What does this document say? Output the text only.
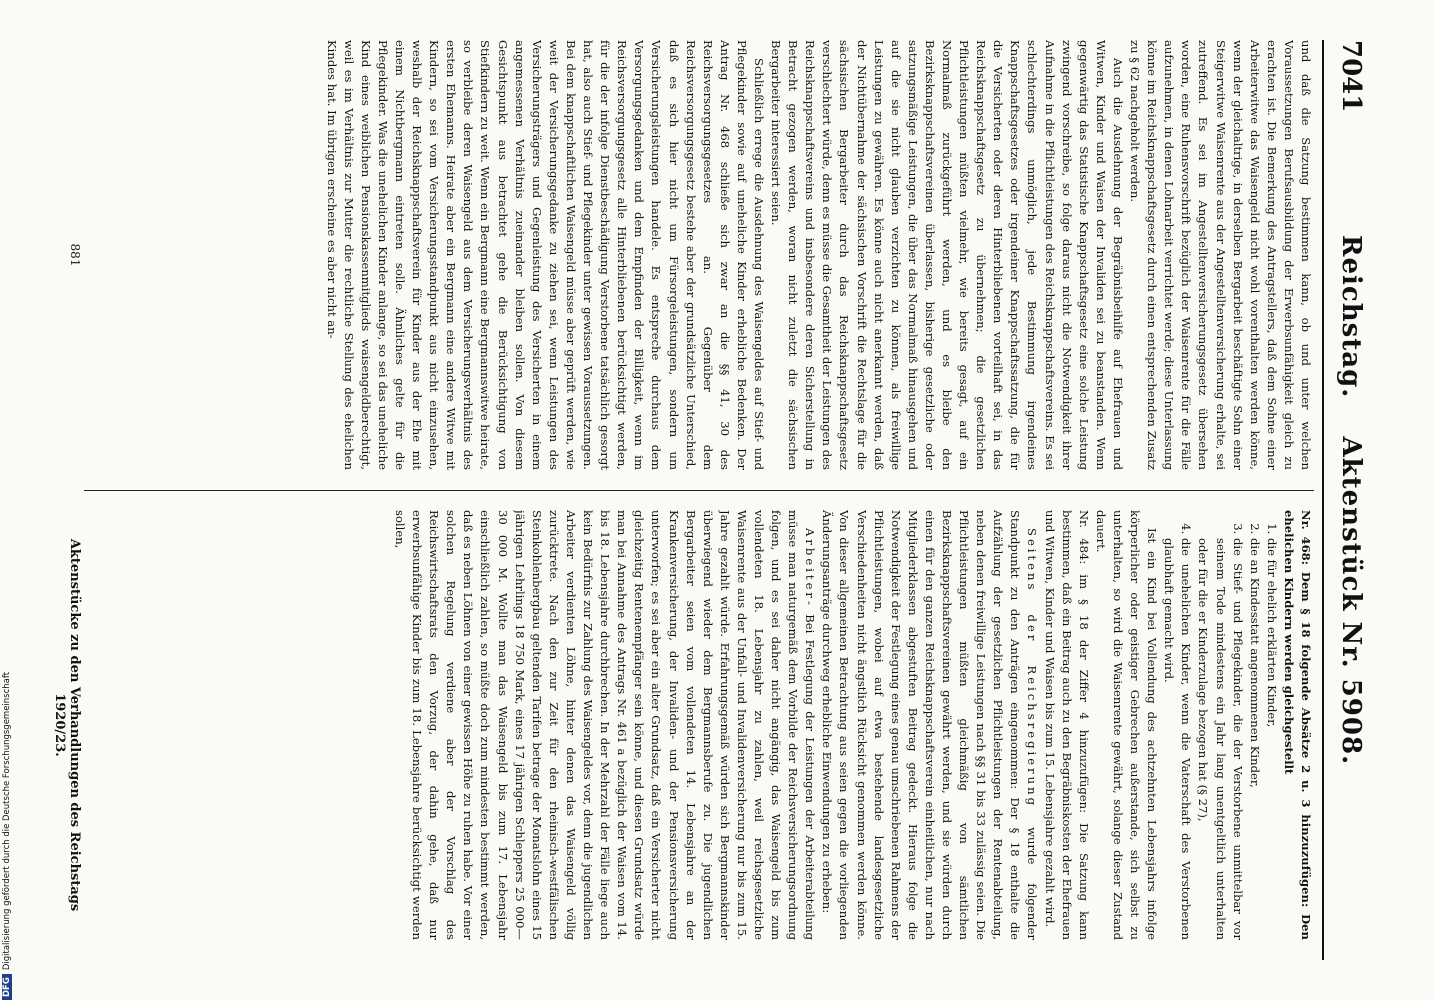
7041
Reichstag. Aktenstück Nr. 5908.

und daß die Satzung bestimmen kann, ob und unter welchen Voraussetzungen Berufsausbildung der Erwerbsunfähigkeit gleich zu erachten ist. Die Bemerkung des Antragstellers, daß dem Sohne einer Arbeiterwitwe das Waisengeld nicht wohl vorenthalten werden könne, wenn der gleichaltrige, in derselben Bergarbeit beschäftigte Sohn einer Steigerwitwe Waisenrente aus der Angestelltenversicherung erhalte, sei zutreffend. Es sei im Angestelltenversicherungsgesetz übersehen worden, eine Ruhensvorschrift bezüglich der Waisenrente für die Fälle aufzunehmen, in denen Lohnarbeit verrichtet werde; diese Unterlassung könne im Reichsknappschaftsgesetz durch einen entsprechenden Zusatz zu § 62 nachgeholt werden.

Auch die Ausdehnung der Begräbnisbeihilfe auf Ehefrauen und Witwen, Kinder und Waisen der Invaliden sei zu beanstanden. Wenn gegenwärtig das Statistische Knappschaftsgesetz eine solche Leistung zwingend vorschreibe, so folge daraus nicht die Notwendigkeit ihrer Aufnahme in die Pflichtleistungen des Reichsknappschaftsvereins. Es sei schlechterdings unmöglich, jede Bestimmung irgendeines Knappschaftsgesetzes oder irgendeiner Knappschaftssatzung, die für die Versicherten oder deren Hinterbliebenen vorteilhaft sei, in das Reichsknappschaftsgesetz zu übernehmen; die gesetzlichen Pflichtleistungen müßten vielmehr, wie bereits gesagt, auf ein Normalmaß zurückgeführt werden, und es bleibe den Bezirksknappschaftsvereinen überlassen, bisherige gesetzliche oder satzungsmäßige Leistungen, die über das Normalmaß hinausgehen und auf die sie nicht glauben verzichten zu können, als freiwillige Leistungen zu gewähren. Es könne auch nicht anerkannt werden, daß der Nichtübernahme der sächsischen Vorschrift die Rechtslage für die sächsischen Bergarbeiter durch das Reichsknappschaftsgesetz verschlechtert würde, denn es müsse die Gesamtheit der Leistungen des Reichsknappschaftsvereins und insbesondere deren Sicherstellung in Betracht gezogen werden, woran nicht zuletzt die sächsischen Bergarbeiter interessiert seien.

Schließlich errege die Ausdehnung des Waisengeldes auf Stief- und Pflegekinder sowie auf uneheliche Kinder erhebliche Bedenken. Der Antrag Nr. 468 schließe sich zwar an die §§ 41, 30 des Reichsversorgungsgesetzes an. Gegenüber dem Reichsversorgungsgesetz bestehe aber der grundsätzliche Unterschied, daß es sich hier nicht um Fürsorgeleistungen, sondern um Versicherungsleistungen handele. Es entspreche durchaus dem Versorgungsgedanken und dem Empfinden der Billigkeit, wenn im Reichsversorgungsgesetz alle Hinterbliebenen berücksichtigt werden, für die der infolge Dienstbeschädigung Verstorbene tatsächlich gesorgt hat, also auch Stief- und Pflegekinder unter gewissen Voraussetzungen. Bei dem knappschaftlichen Waisengeld müsse aber geprüft werden, wie weit der Versicherungsgedanke zu ziehen sei, wenn Leistungen des Versicherungsträgers und Gegenleistung des Versicherten in einem angemessenen Verhältnis zueinander bleiben sollen. Von diesem Gesichtspunkt aus betrachtet gehe die Berücksichtigung von Stiefkindern zu weit. Wenn ein Bergmann eine Bergmannswitwe heirate, so verbleibe deren Waisengeld aus dem Versicherungsverhältnis des ersten Ehemanns. Heirate aber ein Bergmann eine andere Witwe mit Kindern, so sei vom Versicherungsstandpunkt aus nicht einzusehen, weshalb der Reichsknappschaftsverein für Kinder aus der Ehe mit einem Nichtbergmann eintreten solle. Ähnliches gelte für die Pflegekinder. Was die unehelichen Kinder anlange, so sei das uneheliche Kind eines weiblichen Pensionskassenmitglieds waisengeldberechtigt, weil es im Verhältnis zur Mutter die rechtliche Stellung des ehelichen Kindes hat. Im übrigen erscheine es aber nicht an-

Nr. 468: Dem § 18 folgende Absätze 2 u. 3 hinzuzufügen: Den ehelichen Kindern werden gleichgestellt

1. die für ehelich erklärten Kinder,
2. die an Kindesstatt angenommenen Kinder,
3. die Stief- und Pflegekinder, die der Verstorbene unmittelbar vor seinem Tode mindestens ein Jahr lang unentgeltlich unterhalten oder für die er Kinderzulage bezogen hat (§ 27),
4. die unehelichen Kinder, wenn die Vaterschaft des Verstorbenen glaubhaft gemacht wird.

Ist ein Kind bei Vollendung des achtzehnten Lebensjahrs infolge körperlicher oder geistiger Gebrechen außerstande, sich selbst zu unterhalten, so wird die Waisenrente gewährt, solange dieser Zustand dauert.

Nr. 484: im § 18 der Ziffer 4 hinzuzufügen: Die Satzung kann bestimmen, daß ein Beitrag auch zu den Begräbniskosten der Ehefrauen und Witwen, Kinder und Waisen bis zum 15. Lebensjahre gezahlt wird.

Seitens der Reichsregierung wurde folgender Standpunkt zu den Anträgen eingenommen: Der § 18 enthalte die Aufzählung der gesetzlichen Pflichtleistungen der Rentenabteilung, neben denen freiwillige Leistungen nach §§ 31 bis 33 zulässig seien. Die Pflichtleistungen müßten gleichmäßig von sämtlichen Bezirksknappschaftsvereinen gewährt werden, und sie würden durch einen für den ganzen Reichsknappschaftsverein einheitlichen, nur nach Mitgliederklassen abgestuften Beitrag gedeckt. Hieraus folge die Notwendigkeit der Festlegung eines genau umschriebenen Rahmens der Pflichtleistungen, wobei auf etwa bestehende landesgesetzliche Verschiedenheiten nicht ängstlich Rücksicht genommen werden könne. Von dieser allgemeinen Betrachtung aus seien gegen die vorliegenden Änderungsanträge durchweg erhebliche Einwendungen zu erheben:

Arbeiter- Bei Festlegung der Leistungen der Arbeiterabteilung müsse man naturgemäß dem Vorbilde der Reichsversicherungsordnung folgen, und es sei daher nicht angängig, das Waisengeld bis zum vollendeten 18. Lebensjahr zu zahlen, weil reichsgesetzliche Waisenrente aus der Unfall- und Invalidenversicherung nur bis zum 15. Jahre gezahlt würde. Erfahrungsgemäß würden sich Bergmannskinder überwiegend wieder dem Bergmannsberufe zu. Die jugendlichen Bergarbeiter seien vom vollendeten 14. Lebensjahre an der Krankenversicherung, der Invaliden- und der Pensionsversicherung unterworfen; es sei aber ein alter Grundsatz, daß ein Versicherter nicht gleichzeitig Rentenempfänger sein könne, und diesen Grundsatz würde man bei Annahme des Antrags Nr. 461 a bezüglich der Waisen vom 14. bis 18. Lebensjahre durchbrechen. In der Mehrzahl der Fälle liege auch kein Bedürfnis zur Zahlung des Waisengeldes vor, denn die jugendlichen Arbeiter verdienten Löhne, hinter denen das Waisengeld völlig zurücktrete. Nach den zur Zeit für den rheinisch-westfälischen Steinkohlenbergbau geltenden Tarifen betrage der Monatslohn eines 15 jährigen Lehrlings 18 750 Mark, eines 17 jährigen Schleppers 25 000—30 000 M. Wollte man das Waisengeld bis zum 17. Lebensjahr einschließlich zahlen, so müßte doch zum mindesten bestimmt werden, daß es neben Löhnen von einer gewissen Höhe zu ruhen habe. Vor einer solchen Regelung verdiene aber der Vorschlag des Reichswirtschaftsrats den Vorzug, der dahin gehe, daß nur erwerbsunfähige Kinder bis zum 18. Lebensjahre berücksichtigt werden sollen,

Aktenstücke zu den Verhandlungen des Reichstags 1920/23.
881
DFGDigitalisierung gefördert durch die Deutsche Forschungsgemeinschaft
